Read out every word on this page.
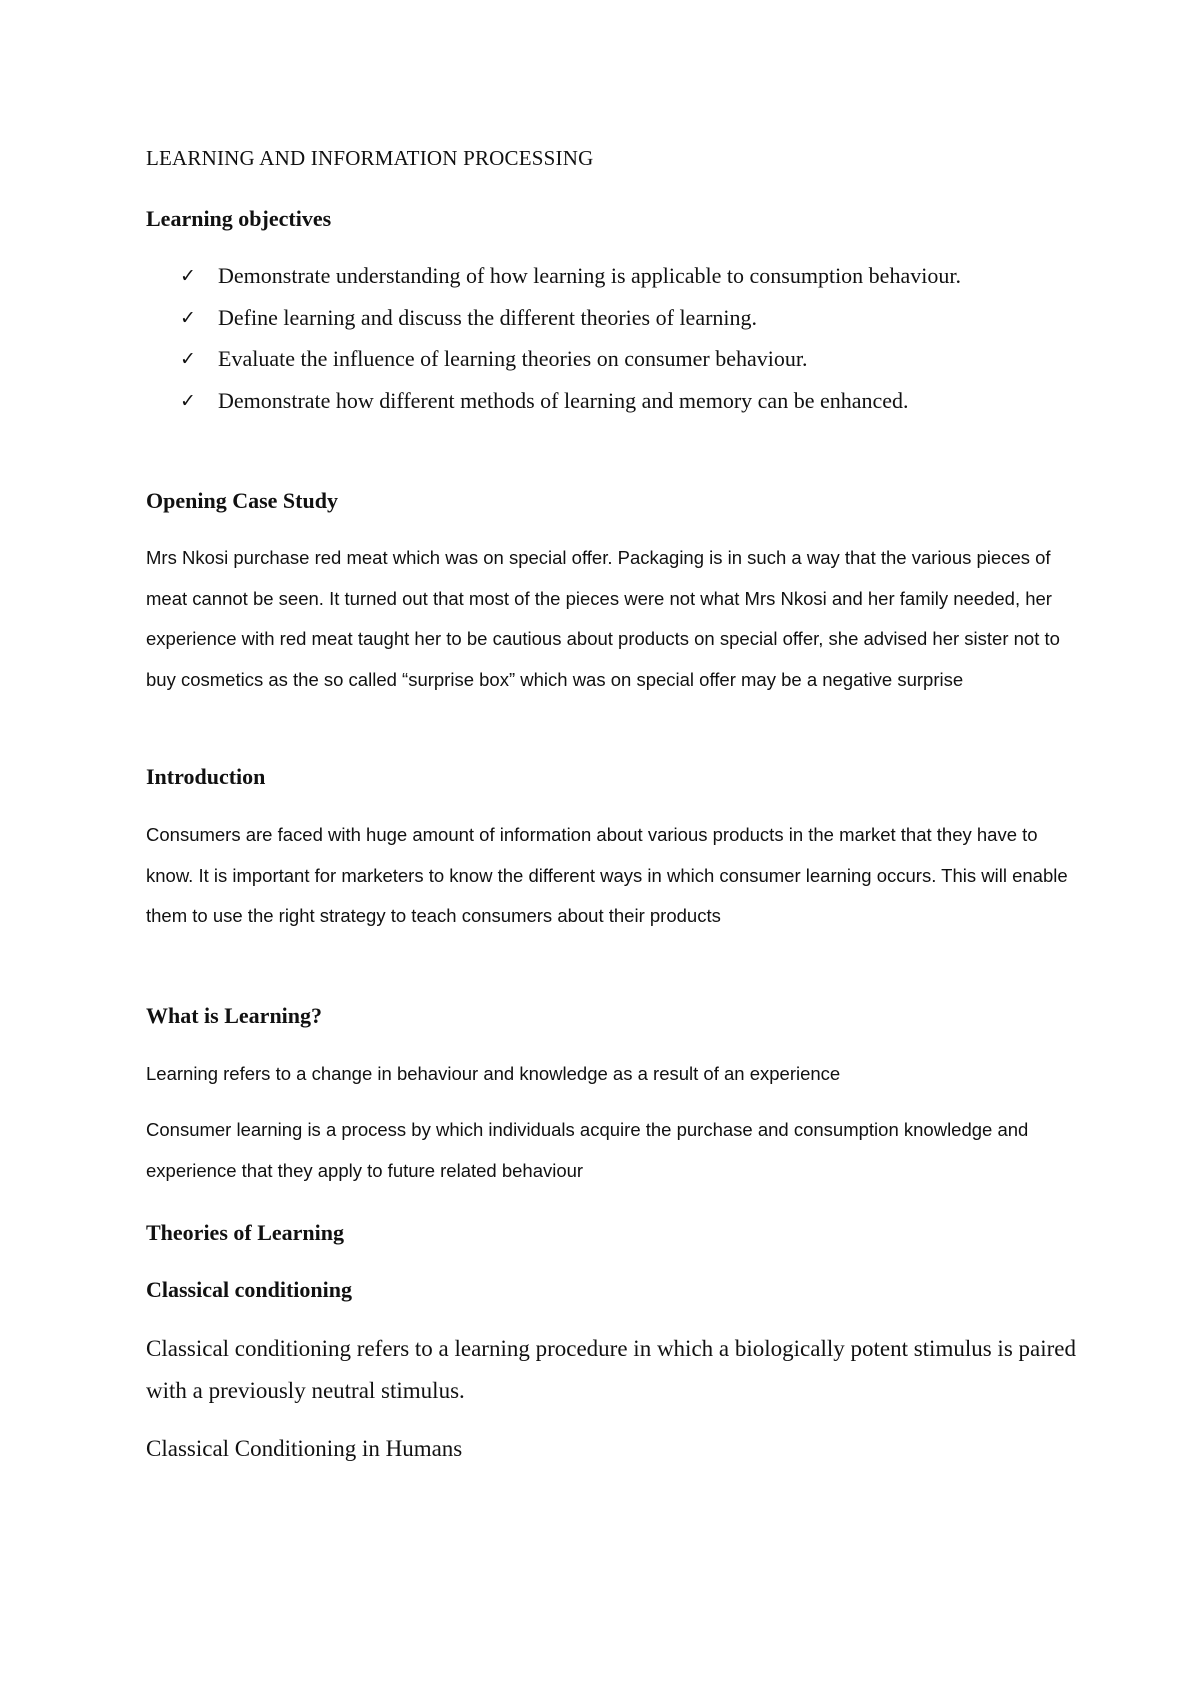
LEARNING AND INFORMATION PROCESSING
Learning objectives
✓ Demonstrate understanding of how learning is applicable to consumption behaviour.
✓ Define learning and discuss the different theories of learning.
✓ Evaluate the influence of learning theories on consumer behaviour.
✓ Demonstrate how different methods of learning and memory can be enhanced.
Opening Case Study
Mrs Nkosi purchase red meat which was on special offer. Packaging is in such a way that the various pieces of meat cannot be seen. It turned out that most of the pieces were not what Mrs Nkosi and her family needed, her experience with red meat taught her to be cautious about products on special offer, she advised her sister not to buy cosmetics as the so called “surprise box” which was on special offer may be a negative surprise
Introduction
Consumers are faced with huge amount of information about various products in the market that they have to know. It is important for marketers to know the different ways in which consumer learning occurs. This will enable them to use the right strategy to teach consumers about their products
What is Learning?
Learning refers to a change in behaviour and knowledge as a result of an experience
Consumer learning is a process by which individuals acquire the purchase and consumption knowledge and experience that they apply to future related behaviour
Theories of Learning
Classical conditioning
Classical conditioning refers to a learning procedure in which a biologically potent stimulus is paired with a previously neutral stimulus.
Classical Conditioning in Humans
